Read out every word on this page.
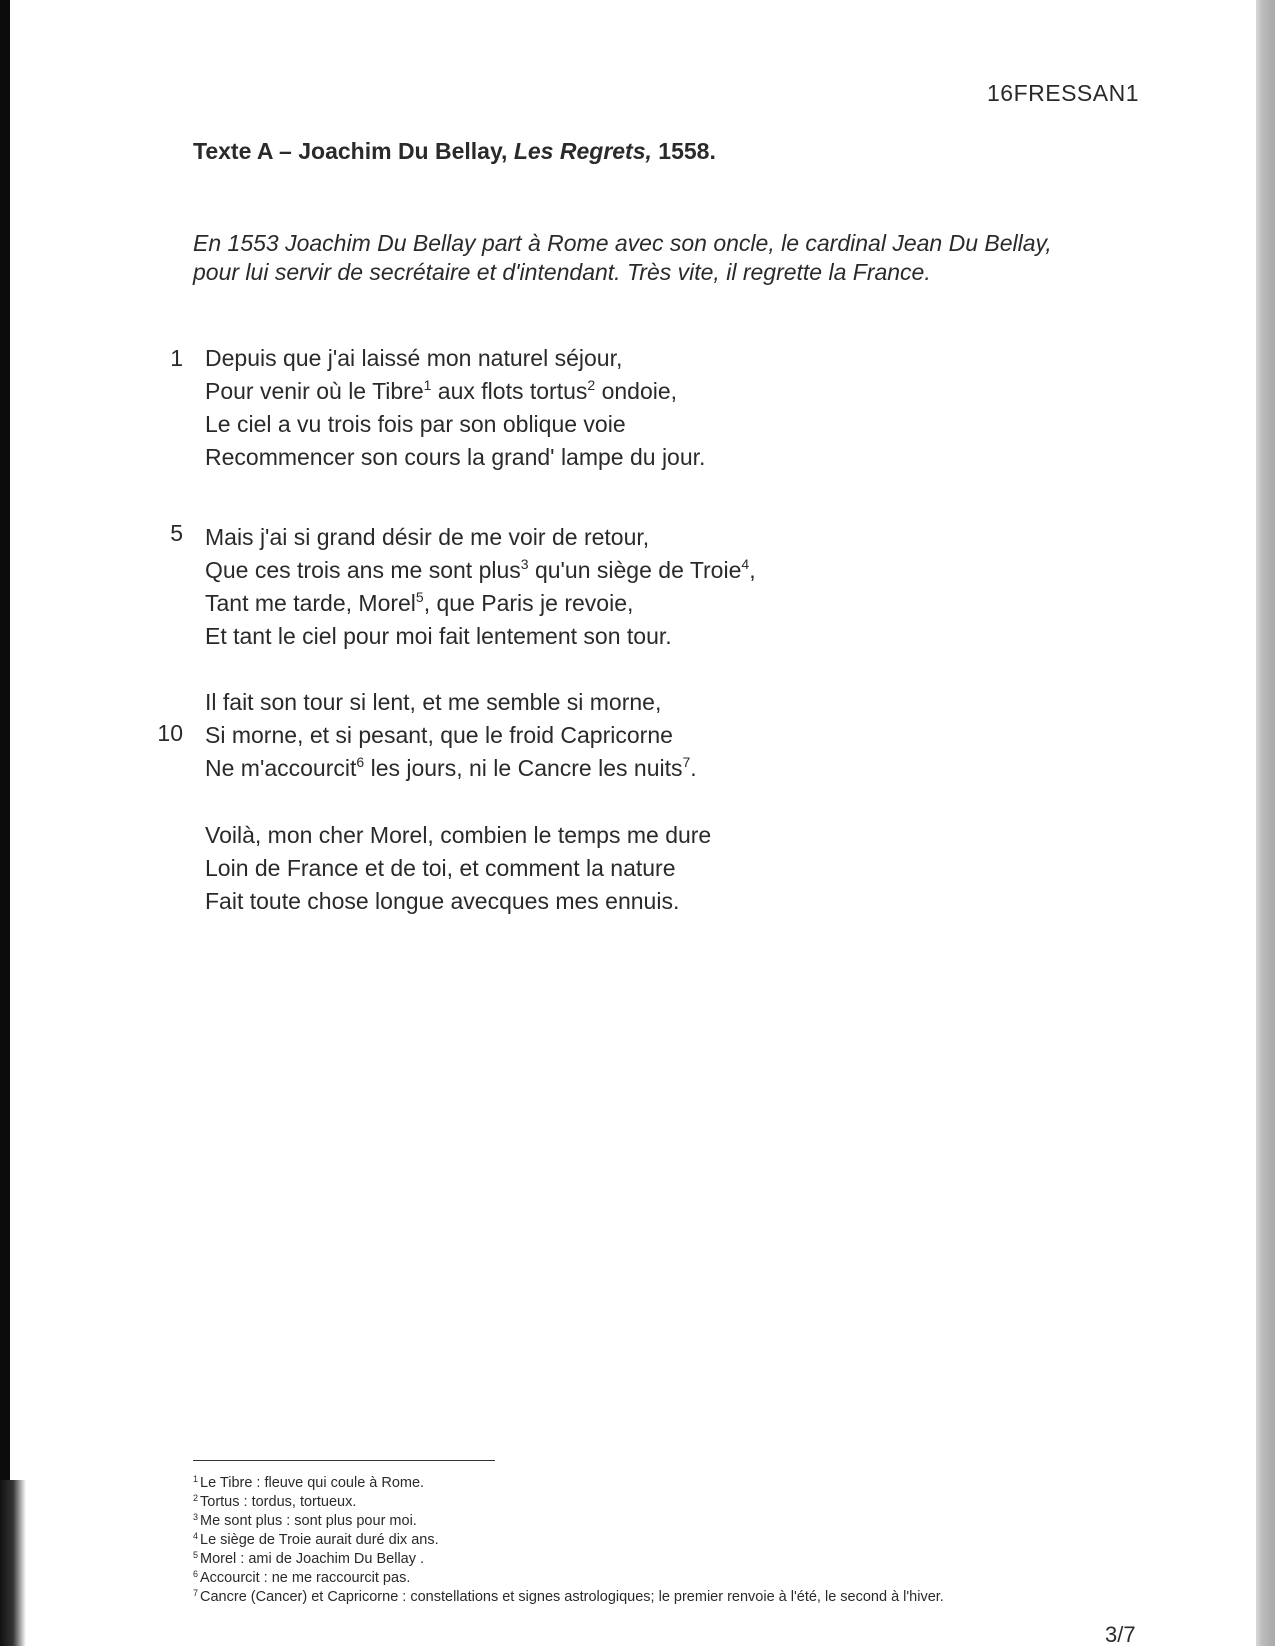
16FRESSAN1
Texte A – Joachim Du Bellay, Les Regrets, 1558.

En 1553 Joachim Du Bellay part à Rome avec son oncle, le cardinal Jean Du Bellay,

pour lui servir de secrétaire et d'intendant. Très vite, il regrette la France.

1
5
10
Depuis que j'ai laissé mon naturel séjour,
Pour venir où le Tibre$^1$ aux flots tortus$^2$ ondoie,
Le ciel a vu trois fois par son oblique voie
Recommencer son cours la grand' lampe du jour.
Mais j'ai si grand désir de me voir de retour,
Que ces trois ans me sont plus$^3$ qu'un siège de Troie$^4$,
Tant me tarde, Morel$^5$, que Paris je revoie,
Et tant le ciel pour moi fait lentement son tour.
Il fait son tour si lent, et me semble si morne,
Si morne, et si pesant, que le froid Capricorne
Ne m'accourcit$^6$ les jours, ni le Cancre les nuits$^7$.
Voilà, mon cher Morel, combien le temps me dure
Loin de France et de toi, et comment la nature
Fait toute chose longue avecques mes ennuis.
$^1$ Le Tibre : fleuve qui coule à Rome.
$^2$ Tortus : tordus, tortueux.
$^3$ Me sont plus : sont plus pour moi.
$^4$ Le siège de Troie aurait duré dix ans.
$^5$ Morel : ami de Joachim Du Bellay .
$^6$ Accourcit : ne me raccourcit pas.
$^7$ Cancre (Cancer) et Capricorne : constellations et signes astrologiques; le premier renvoie à l'été, le second à l'hiver.
3/7
